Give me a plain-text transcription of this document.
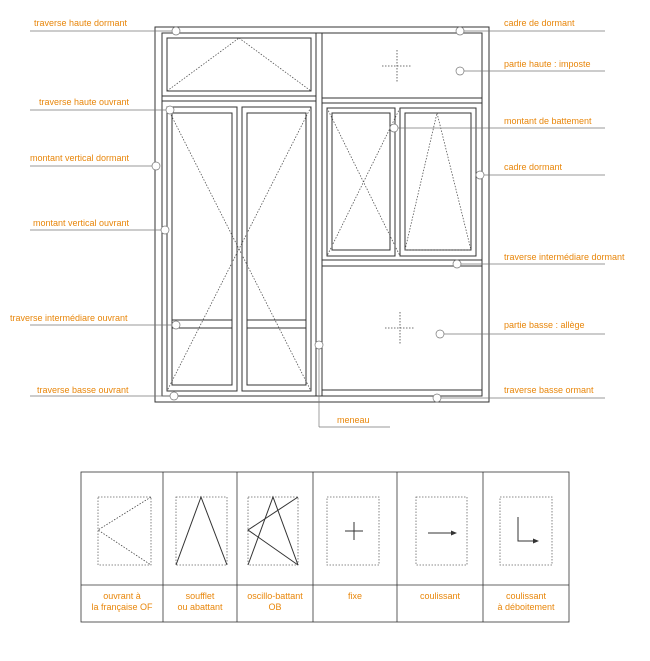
traverse haute dormant
traverse haute ouvrant
montant vertical dormant
montant vertical ouvrant
traverse intermédiare ouvrant
traverse basse ouvrant
cadre de dormant
partie haute : imposte
montant de battement
cadre dormant
traverse intermédiare dormant
partie basse : allège
traverse basse ormant
meneau
ouvrant à
la française OF
soufflet
ou abattant
oscillo-battant
OB
fixe	coulissant	coulissant
à déboitement
